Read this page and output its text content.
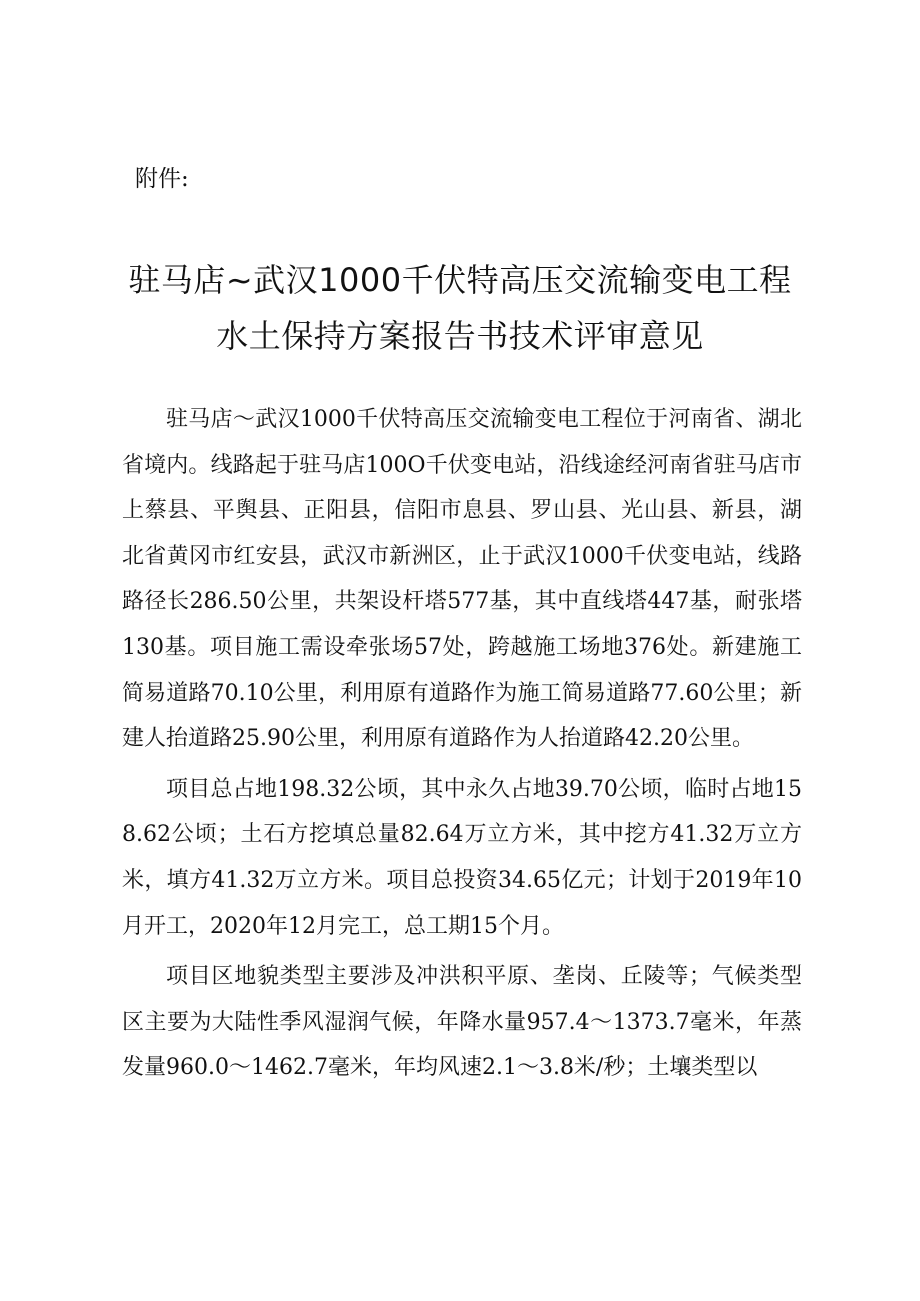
附件:
驻马店~武汉1000千伏特高压交流输变电工程
水土保持方案报告书技术评审意见

驻马店～武汉1000千伏特高压交流输变电工程位于河南省、湖北省境内。线路起于驻马店100O千伏变电站，沿线途经河南省驻马店市上蔡县、平舆县、正阳县，信阳市息县、罗山县、光山县、新县，湖北省黄冈市红安县，武汉市新洲区，止于武汉1000千伏变电站，线路路径长286.50公里，共架设杆塔577基，其中直线塔447基，耐张塔130基。项目施工需设牵张场57处，跨越施工场地376处。新建施工简易道路70.10公里，利用原有道路作为施工简易道路77.60公里；新建人抬道路25.90公里，利用原有道路作为人抬道路42.20公里。

项目总占地198.32公顷，其中永久占地39.70公顷，临时占地158.62公顷；土石方挖填总量82.64万立方米，其中挖方41.32万立方米，填方41.32万立方米。项目总投资34.65亿元；计划于2019年10月开工，2020年12月完工，总工期15个月。

项目区地貌类型主要涉及冲洪积平原、垄岗、丘陵等；气候类型区主要为大陆性季风湿润气候，年降水量957.4～1373.7毫米，年蒸发量960.0～1462.7毫米，年均风速2.1～3.8米/秒；土壤类型以
